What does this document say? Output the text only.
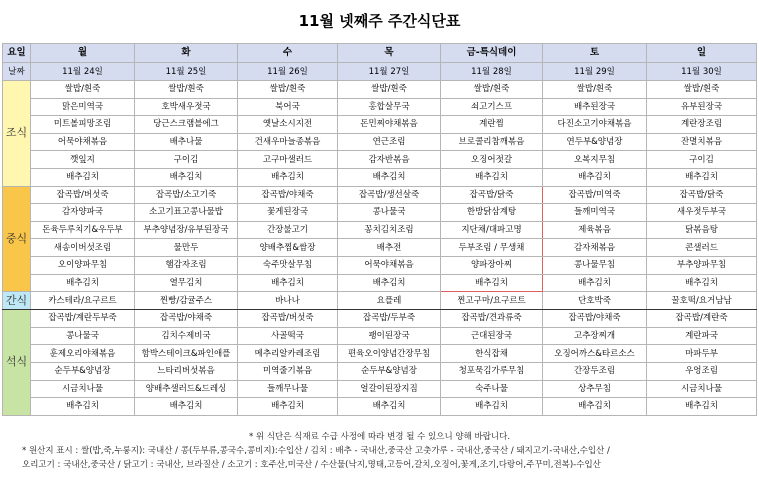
11월 넷째주 주간식단표
요일	월	화	수	목	금-특식데이	토	일
날짜	11월 24일	11월 25일	11월 26일	11월 27일	11월 28일	11월 29일	11월 30일
조식	쌀밥/흰죽	쌀밥/흰죽	쌀밥/흰죽	쌀밥/흰죽	쌀밥/흰죽	쌀밥/흰죽	쌀밥/흰죽
	맑은미역국	호박새우젓국	북어국	홍합살무국	쇠고기스프	배추된장국	유부된장국
	미트볼피망조림	당근스크램블에그	옛날소시지전	돈민찌야채볶음	계란찜	다진소고기야채볶음	계란장조림
	어묵야채볶음	배추나물	건새우마늘종볶음	연근조림	브로콜리참깨볶음	연두부&양념장	잔멸치볶음
	깻잎지	구이김	고구마샐러드	감자반볶음	오징어젓갈	오복지무침	구이김
	배추김치	배추김치	배추김치	배추김치	배추김치	배추김치	배추김치
중식	잡곡밥/버섯죽	잡곡밥/소고기죽	잡곡밥/야채죽	잡곡밥/생선살죽	잡곡밥/닭죽	잡곡밥/미역죽	잡곡밥/닭죽
	감자양파국	소고기표고콩나물밥	꽃게된장국	콩나물국	한방닭삼계탕	들깨미역국	새우젓두부국
	돈육두루치기&우두부	부추양념장/유부된장국	간장불고기	꽁치김치조림	지단채/대파고명	제육볶음	닭볶음탕
	새송이버섯조림	물만두	양배추찜&쌈장	배추전	두부조림 / 무생채	감자채볶음	콘샐러드
	오이양파무침	햄감자조림	숙주맛살무침	어묵야채볶음	양파장아찌	콩나물무침	부추양파무침
	배추김치	열무김치	배추김치	배추김치	배추김치	배추김치	배추김치
간식	카스테라/요구르트	찐빵/감귤주스	바나나	요플레	찐고구마/요구르트	단호박죽	꿀호떡/요거남남
석식	잡곡밥/계란두부죽	잡곡밥/야채죽	잡곡밥/버섯죽	잡곡밥/두부죽	잡곡밥/견과류죽	잡곡밥/야채죽	잡곡밥/계란죽
	콩나물국	김치수제비국	사골떡국	팽이된장국	근대된장국	고추장찌개	계란파국
	훈제오리야채볶음	함박스테이크&파인애플	메추리알카레조림	편육오이양념간장무침	한식잡채	오징어까스&타르소스	마파두부
	순두부&양념장	느타리버섯볶음	미역줄기볶음	순두부&양념장	청포묵김가루무침	간장두조림	우엉조림
	시금치나물	양배추샐러드&드레싱	들깨무나물	얼갈이된장지짐	숙주나물	상추무침	시금치나물
	배추김치	배추김치	배추김치	배추김치	배추김치	배추김치	배추김치
* 위 식단은 식재료 수급 사정에 따라 변경 될 수 있으니 양해 바랍니다.
* 원산지 표시 : 쌀(밥,죽,누룽지): 국내산 / 콩(두부류,콩국수,콩비지):수입산 / 김치 : 배추 - 국내산,중국산 고춧가루 - 국내산,중국산 / 돼지고기-국내산,수입산 /
오리고기 : 국내산,중국산 / 닭고기 : 국내산, 브라질산 / 소고기 : 호주산,미국산 / 수산물(낙지,명태,고등어,갈치,오징어,꽃게,조기,다랑어,주꾸미,전복)-수입산
